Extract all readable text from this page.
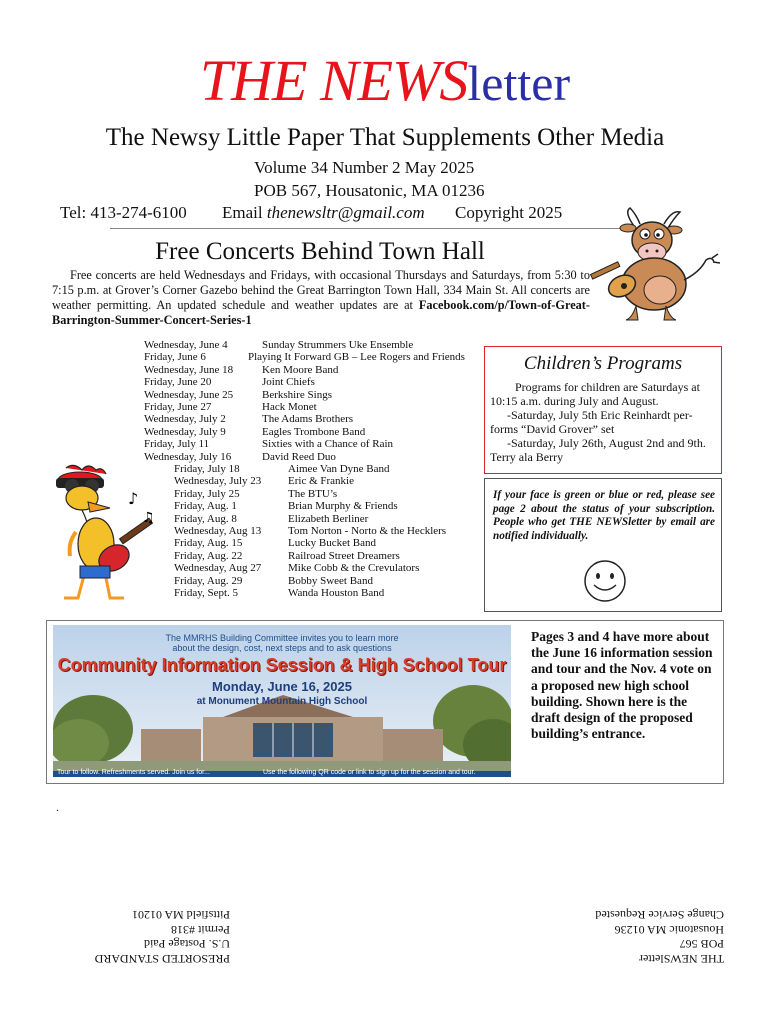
THE NEWSletter
The Newsy Little Paper That Supplements Other Media
Volume 34 Number 2 May 2025
POB 567, Housatonic, MA 01236
Tel: 413-274-6100 Email thenewsltr@gmail.com Copyright 2025
Free Concerts Behind Town Hall
Free concerts are held Wednesdays and Fridays, with occasional Thursdays and Saturdays, from 5:30 to 7:15 p.m. at Grover’s Corner Gazebo behind the Great Barrington Town Hall, 334 Main St. All concerts are weather permitting. An updated schedule and weather updates are at Facebook.com/p/Town-of-Great-Barrington-Summer-Concert-Series-1
Wednesday, June 4	Sunday Strummers Uke Ensemble
Friday, June 6	Playing It Forward GB – Lee Rogers and Friends
Wednesday, June 18	Ken Moore Band
Friday, June 20	Joint Chiefs
Wednesday, June 25	Berkshire Sings
Friday, June 27	Hack Monet
Wednesday, July 2	The Adams Brothers
Wednesday, July 9	Eagles Trombone Band
Friday, July 11	Sixties with a Chance of Rain
Wednesday, July 16	David Reed Duo
Friday, July 18	Aimee Van Dyne Band
Wednesday, July 23 Eric & Frankie
Friday, July 25	The BTU’s
Friday, Aug. 1	Brian Murphy & Friends
Friday, Aug. 8	Elizabeth Berliner
Wednesday, Aug 13 Tom Norton - Norto & the Hecklers
Friday, Aug. 15	Lucky Bucket Band
Friday, Aug. 22	Railroad Street Dreamers
Wednesday, Aug 27 Mike Cobb & the Crevulators
Friday, Aug. 29	Bobby Sweet Band
Friday, Sept. 5	Wanda Houston Band
♪
♫
Children’s Programs
Programs for children are Saturdays at
10:15 a.m. during July and August.
-Saturday, July 5th Eric Reinhardt per-
forms “David Grover” set
-Saturday, July 26th, August 2nd and 9th.
Terry ala Berry
If your face is green or blue or red, please see page 2 about the status of your subscription. People who get THE NEWSletter by email are notified individually.
The MMRHS Building Committee invites you to learn more
about the design, cost, next steps and to ask questions
Community Information Session & High School Tour
Monday, June 16, 2025
at Monument Mountain High School
Tour to follow. Refreshments served. Join us for...	Use the following QR code or link to sign up for the session and tour.
Pages 3 and 4 have more about the June 16 information session and tour and the Nov. 4 vote on a proposed new high school building. Shown here is the draft design of the proposed building’s entrance.
.
PRESORTED STANDARD
U.S. Postage Paid
Permit #318
Pittsfield MA 01201
THE NEWSletter
POB 567
Housatonic MA 01236
Change Service Requested
